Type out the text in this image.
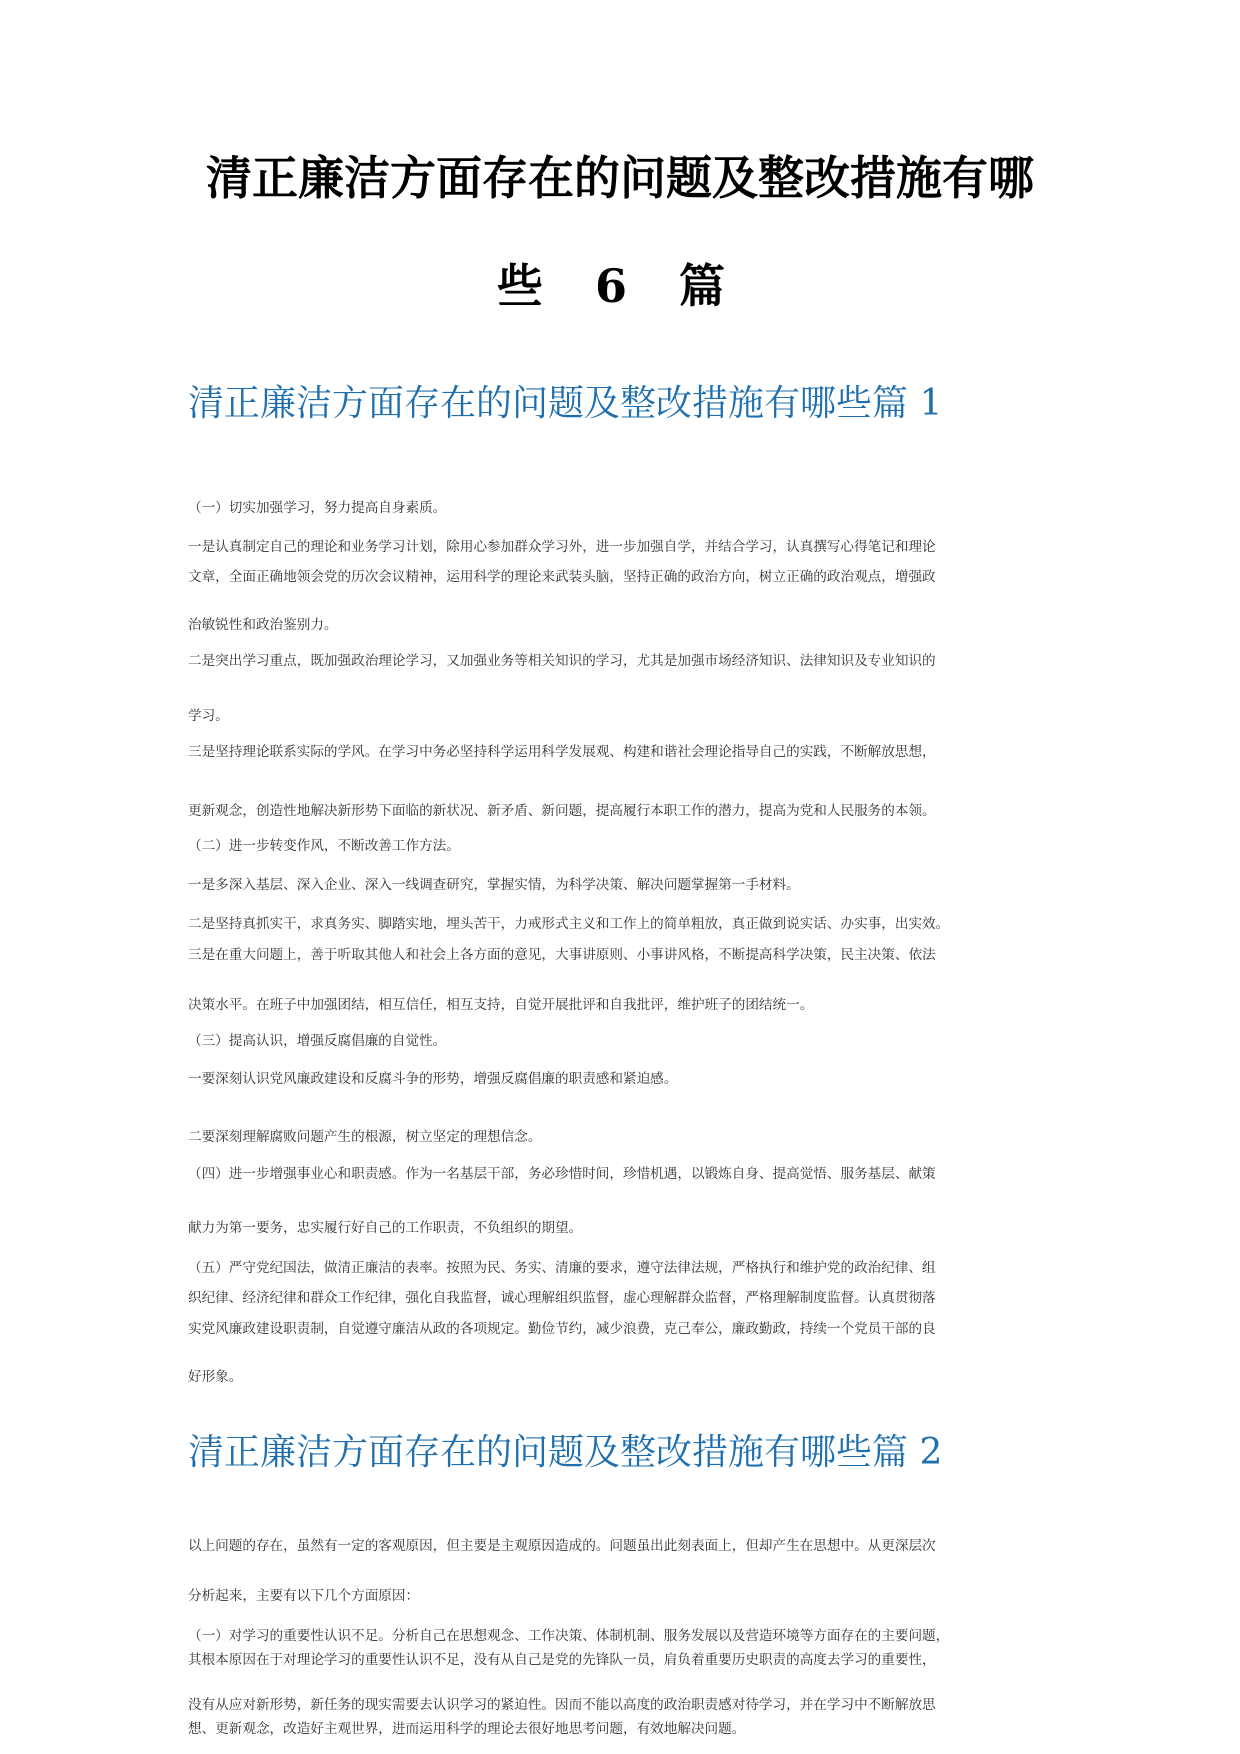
清正廉洁方面存在的问题及整改措施有哪
些 6 篇
清正廉洁方面存在的问题及整改措施有哪些篇 1
（一）切实加强学习，努力提高自身素质。
一是认真制定自己的理论和业务学习计划，除用心参加群众学习外，进一步加强自学，并结合学习，认真撰写心得笔记和理论
文章，全面正确地领会党的历次会议精神，运用科学的理论来武装头脑，坚持正确的政治方向，树立正确的政治观点，增强政
治敏锐性和政治鉴别力。
二是突出学习重点，既加强政治理论学习，又加强业务等相关知识的学习，尤其是加强市场经济知识、法律知识及专业知识的
学习。
三是坚持理论联系实际的学风。在学习中务必坚持科学运用科学发展观、构建和谐社会理论指导自己的实践，不断解放思想，
更新观念，创造性地解决新形势下面临的新状况、新矛盾、新问题，提高履行本职工作的潜力，提高为党和人民服务的本领。
（二）进一步转变作风，不断改善工作方法。
一是多深入基层、深入企业、深入一线调查研究，掌握实情，为科学决策、解决问题掌握第一手材料。
二是坚持真抓实干，求真务实、脚踏实地，埋头苦干，力戒形式主义和工作上的简单粗放，真正做到说实话、办实事，出实效。
三是在重大问题上，善于听取其他人和社会上各方面的意见，大事讲原则、小事讲风格，不断提高科学决策，民主决策、依法
决策水平。在班子中加强团结，相互信任，相互支持，自觉开展批评和自我批评，维护班子的团结统一。
（三）提高认识，增强反腐倡廉的自觉性。
一要深刻认识党风廉政建设和反腐斗争的形势，增强反腐倡廉的职责感和紧迫感。
二要深刻理解腐败问题产生的根源，树立坚定的理想信念。
（四）进一步增强事业心和职责感。作为一名基层干部，务必珍惜时间，珍惜机遇，以锻炼自身、提高觉悟、服务基层、献策
献力为第一要务，忠实履行好自己的工作职责，不负组织的期望。
（五）严守党纪国法，做清正廉洁的表率。按照为民、务实、清廉的要求，遵守法律法规，严格执行和维护党的政治纪律、组
织纪律、经济纪律和群众工作纪律，强化自我监督，诚心理解组织监督，虚心理解群众监督，严格理解制度监督。认真贯彻落
实党风廉政建设职责制，自觉遵守廉洁从政的各项规定。勤俭节约，减少浪费，克己奉公，廉政勤政，持续一个党员干部的良
好形象。
清正廉洁方面存在的问题及整改措施有哪些篇 2
以上问题的存在，虽然有一定的客观原因，但主要是主观原因造成的。问题虽出此刻表面上，但却产生在思想中。从更深层次
分析起来，主要有以下几个方面原因：
（一）对学习的重要性认识不足。分析自己在思想观念、工作决策、体制机制、服务发展以及营造环境等方面存在的主要问题，
其根本原因在于对理论学习的重要性认识不足，没有从自己是党的先锋队一员，肩负着重要历史职责的高度去学习的重要性，
没有从应对新形势，新任务的现实需要去认识学习的紧迫性。因而不能以高度的政治职责感对待学习，并在学习中不断解放思
想、更新观念，改造好主观世界，进而运用科学的理论去很好地思考问题，有效地解决问题。
